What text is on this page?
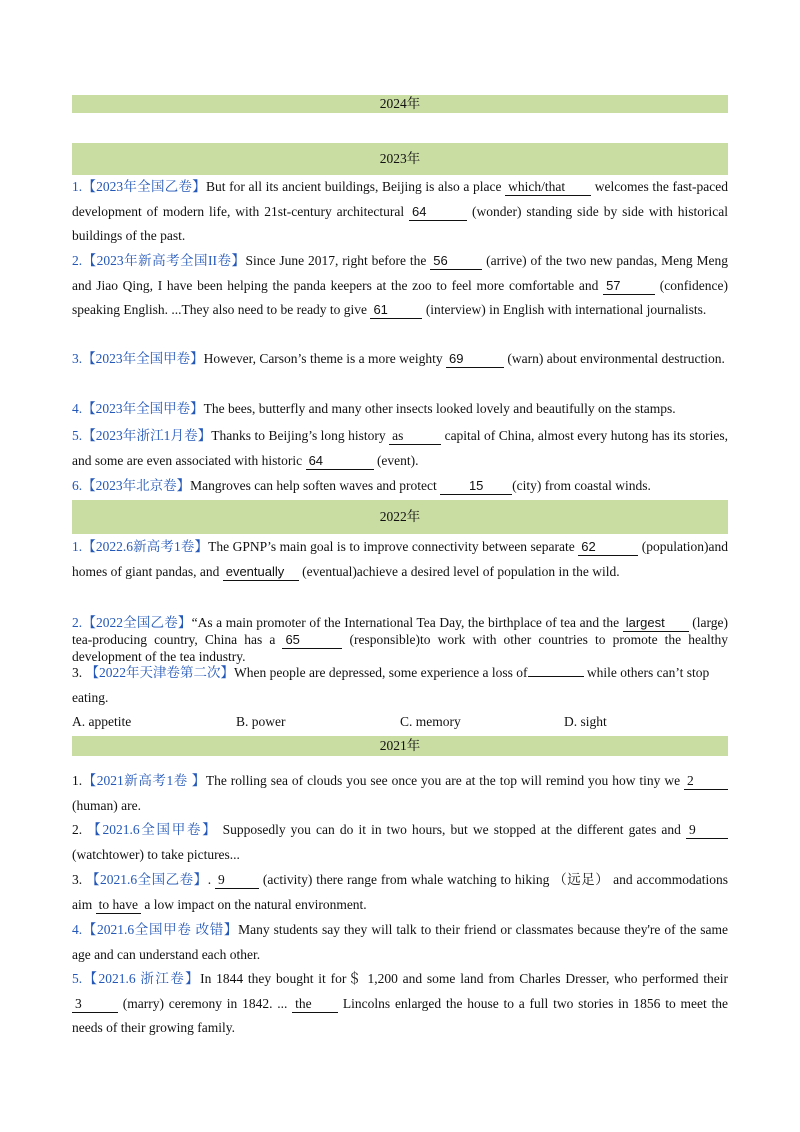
2024年
2023年

1.【2023年全国乙卷】But for all its ancient buildings, Beijing is also a place which/that welcomes the fast-paced development of modern life, with 21st-century architectural 64	(wonder) standing side by side with historical buildings of the past.

2.【2023年新高考全国II卷】Since June 2017, right before the 56	(arrive) of the two new pandas, Meng Meng and Jiao Qing, I have been helping the panda keepers at the zoo to feel more comfortable and 57	(confidence) speaking English. ...They also need to be ready to give 61	(interview) in English with international journalists.

3.【2023年全国甲卷】However, Carson’s theme is a more weighty 69	(warn) about environmental destruction.

4.【2023年全国甲卷】The bees, butterfly and many other insects looked lovely and beautifully on the stamps.

5.【2023年浙江1月卷】Thanks to Beijing’s long history as	capital of China, almost every hutong has its stories, and some are even associated with historic 64	(event).

6.【2023年北京卷】Mangroves can help soften waves and protect 15 (city) from coastal winds.

2022年

1.【2022.6新高考1卷】The GPNP’s main goal is to improve connectivity between separate 62	(population)and homes of giant pandas, and eventually (eventual)achieve a desired level of population in the wild.

2.【2022全国乙卷】“As a main promoter of the International Tea Day, the birthplace of tea and the largest (large) tea-producing country, China has a 65	(responsible)to work with other countries to promote the healthy development of the tea industry.

3. 【2022年天津卷第二次】When people are depressed, some experience a loss of	while others can’t stop eating.

A. appetite	B. power	C. memory	D. sight
2021年

1.【2021新高考1卷 】The rolling sea of clouds you see once you are at the top will remind you how tiny we 2 (human) are.

2. 【2021.6全国甲卷】 Supposedly you can do it in two hours, but we stopped at the different gates and 9 (watchtower) to take pictures...

3. 【2021.6全国乙卷】. 9	(activity) there range from whale watching to hiking （远足） and accommodations aim to have a low impact on the natural environment.

4.【2021.6全国甲卷 改错】Many students say they will talk to their friend or classmates because they're of the same age and can understand each other.

5.【2021.6 浙江卷】In 1844 they bought it for＄ 1,200 and some land from Charles Dresser, who performed their 3	(marry) ceremony in 1842. ... the Lincolns enlarged the house to a full two stories in 1856 to meet the needs of their growing family.
